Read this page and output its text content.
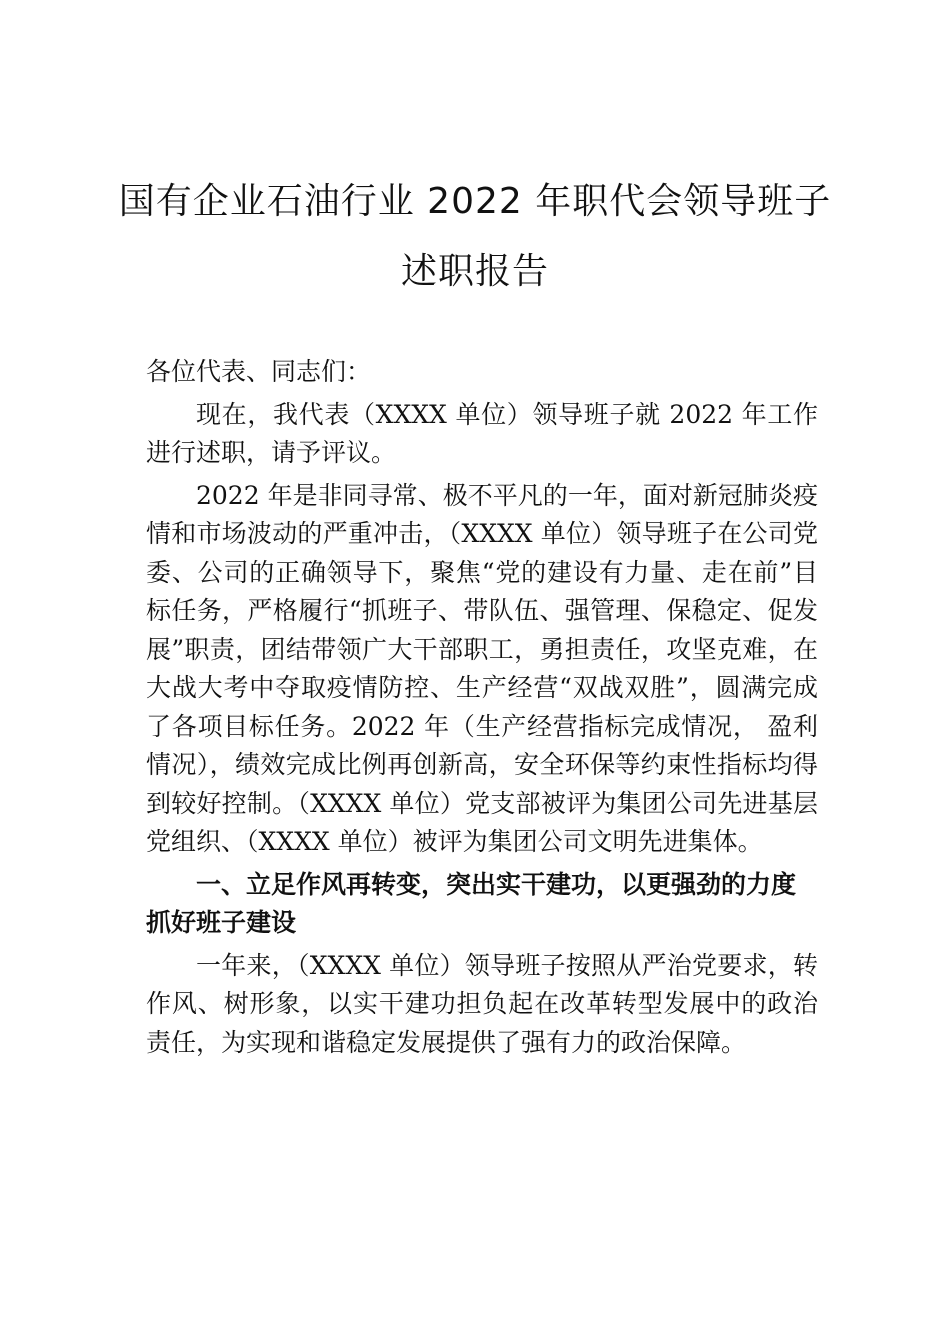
国有企业石油行业 2022 年职代会领导班子
述职报告

各位代表、同志们：

现在，我代表（XXXX 单位）领导班子就 2022 年工作进行述职，请予评议。

2022 年是非同寻常、极不平凡的一年，面对新冠肺炎疫情和市场波动的严重冲击，（XXXX 单位）领导班子在公司党委、公司的正确领导下，聚焦“党的建设有力量、走在前”目标任务，严格履行“抓班子、带队伍、强管理、保稳定、促发展”职责，团结带领广大干部职工，勇担责任，攻坚克难，在大战大考中夺取疫情防控、生产经营“双战双胜”，圆满完成了各项目标任务。2022 年（生产经营指标完成情况， 盈利情况），绩效完成比例再创新高，安全环保等约束性指标均得到较好控制。（XXXX 单位）党支部被评为集团公司先进基层党组织、（XXXX 单位）被评为集团公司文明先进集体。

一、立足作风再转变，突出实干建功，以更强劲的力度抓好班子建设

一年来，（XXXX 单位）领导班子按照从严治党要求，转作风、树形象，以实干建功担负起在改革转型发展中的政治责任，为实现和谐稳定发展提供了强有力的政治保障。
